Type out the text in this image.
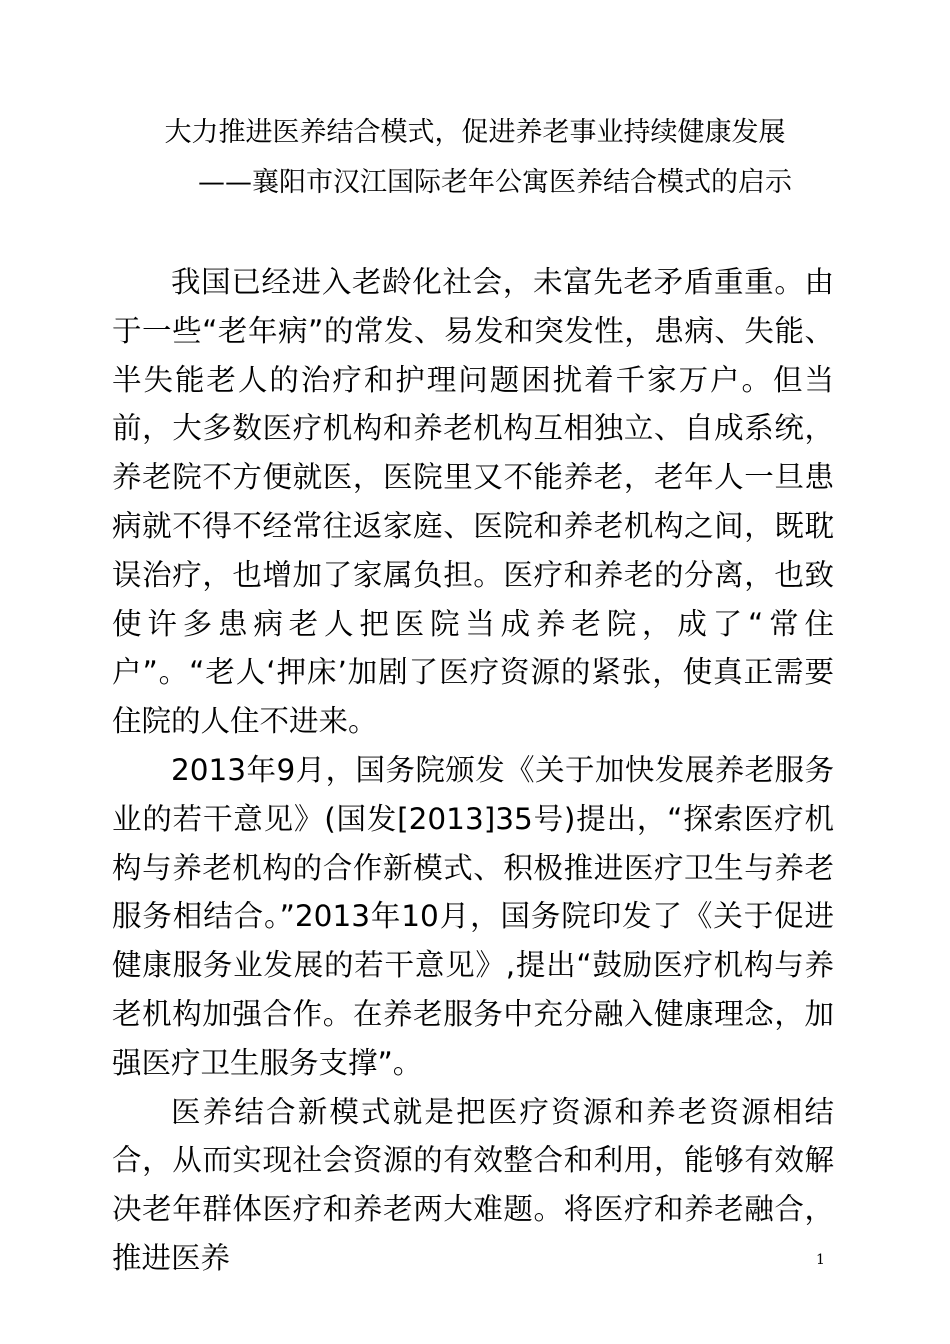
大力推进医养结合模式，促进养老事业持续健康发展
——襄阳市汉江国际老年公寓医养结合模式的启示

我国已经进入老龄化社会，未富先老矛盾重重。由于一些“老年病”的常发、易发和突发性，患病、失能、半失能老人的治疗和护理问题困扰着千家万户。但当前，大多数医疗机构和养老机构互相独立、自成系统，养老院不方便就医，医院里又不能养老，老年人一旦患病就不得不经常往返家庭、医院和养老机构之间，既耽误治疗，也增加了家属负担。医疗和养老的分离，也致使许多患病老人把医院当成养老院，成了“常住户”。“老人‘押床’加剧了医疗资源的紧张，使真正需要住院的人住不进来。

2013年9月，国务院颁发《关于加快发展养老服务业的若干意见》(国发[2013]35号)提出，“探索医疗机构与养老机构的合作新模式、积极推进医疗卫生与养老服务相结合。”2013年10月，国务院印发了《关于促进健康服务业发展的若干意见》,提出“鼓励医疗机构与养老机构加强合作。在养老服务中充分融入健康理念，加强医疗卫生服务支撑”。

医养结合新模式就是把医疗资源和养老资源相结合，从而实现社会资源的有效整合和利用，能够有效解决老年群体医疗和养老两大难题。将医疗和养老融合，推进医养	1
